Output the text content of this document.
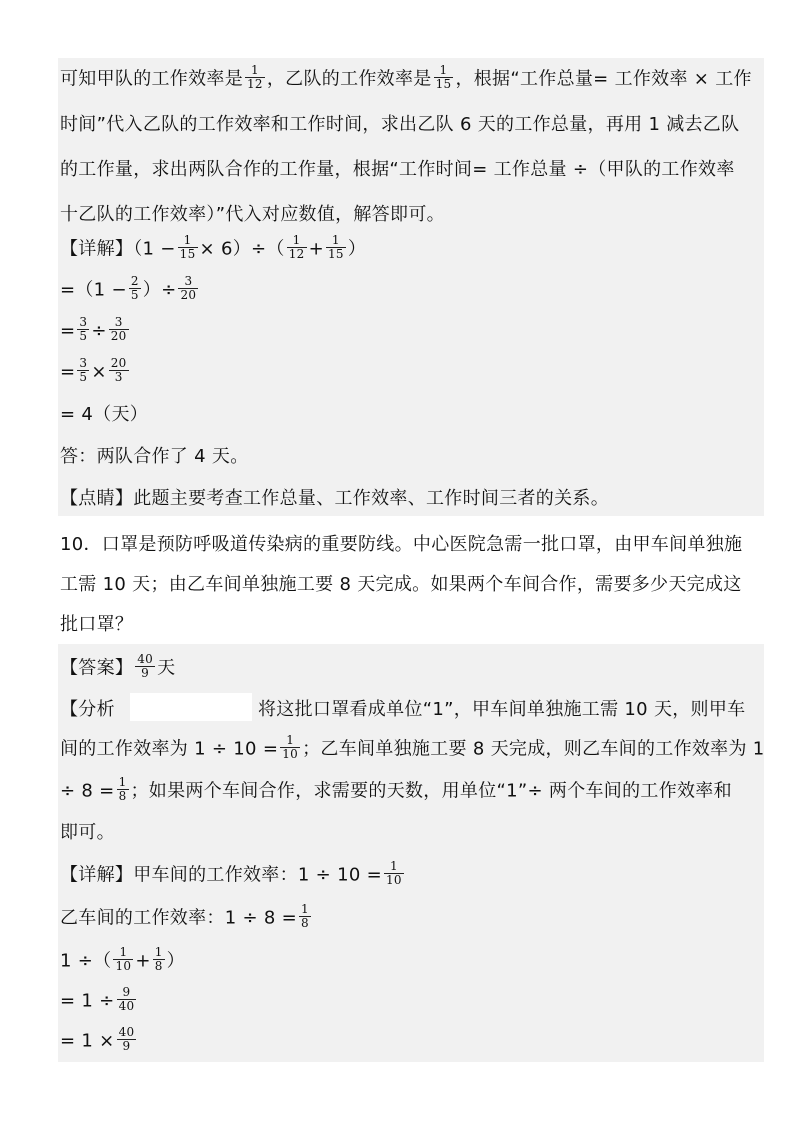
可知甲队的工作效率是 $\frac{1}{12}$ ，乙队的工作效率是 $\frac{1}{15}$ ，根据“工作总量= 工作效率 × 工作
时间”代入乙队的工作效率和工作时间，求出乙队 6 天的工作总量，再用 1 减去乙队
的工作量，求出两队合作的工作量，根据“工作时间= 工作总量 ÷（甲队的工作效率
十乙队的工作效率）”代入对应数值，解答即可。
【详解】$(1 - \frac{1}{15} \times 6)\div( \frac{1}{12} + \frac{1}{15}$ ）
$=(1 - \frac{2}{5}$ ）÷ $\frac{3}{20}$
= $\frac{3}{5} \div \frac{3}{20}$
= $\frac{3}{5} \times \frac{20}{3}$
= 4（天）
答：两队合作了 4 天。
【点睛】此题主要考查工作总量、工作效率、工作时间三者的关系。
10．口罩是预防呼吸道传染病的重要防线。中心医院急需一批口罩，由甲车间单独施
工需 10 天；由乙车间单独施工要 8 天完成。如果两个车间合作，需要多少天完成这
批口罩？
【答案】 $\frac{40}{9}$ 天
【分析	将这批口罩看成单位“1”，甲车间单独施工需 10 天，则甲车
间的工作效率为 $1 \div 10 = \frac{1}{10}$ ；乙车间单独施工要 8 天完成，则乙车间的工作效率为 1
÷ $8 = \frac{1}{8}$ ；如果两个车间合作，求需要的天数，用单位“1”÷ 两个车间的工作效率和
即可。
【详解】甲车间的工作效率：$1 \div 10 = \frac{1}{10}$
乙车间的工作效率：$1 \div 8 = \frac{1}{8}$
1 ÷（ $\frac{1}{10} + \frac{1}{8}$ ）
= $1 \div \frac{9}{40}$
= $1 \times \frac{40}{9}$
